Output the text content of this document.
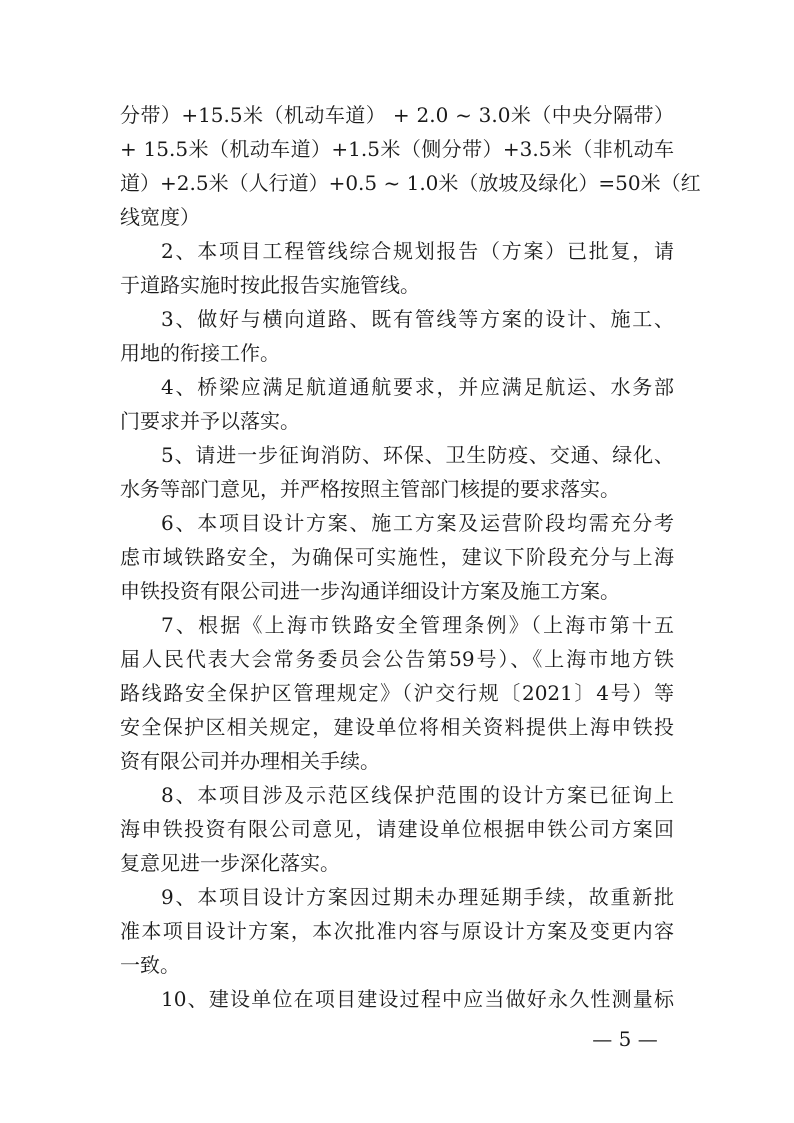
分带）+15.5米（机动车道） + 2.0 ~ 3.0米（中央分隔带）
+ 15.5米（机动车道）+1.5米（侧分带）+3.5米（非机动车
道）+2.5米（人行道）+0.5 ~ 1.0米（放坡及绿化）=50米（红
线宽度）
2、本项目工程管线综合规划报告（方案）已批复，请
于道路实施时按此报告实施管线。
3、做好与横向道路、既有管线等方案的设计、施工、
用地的衔接工作。
4、桥梁应满足航道通航要求，并应满足航运、水务部
门要求并予以落实。
5、请进一步征询消防、环保、卫生防疫、交通、绿化、
水务等部门意见，并严格按照主管部门核提的要求落实。
6、本项目设计方案、施工方案及运营阶段均需充分考
虑市域铁路安全，为确保可实施性，建议下阶段充分与上海
申铁投资有限公司进一步沟通详细设计方案及施工方案。
7、根据《上海市铁路安全管理条例》（上海市第十五
届人民代表大会常务委员会公告第59号）、《上海市地方铁
路线路安全保护区管理规定》（沪交行规〔2021〕4号）等
安全保护区相关规定，建设单位将相关资料提供上海申铁投
资有限公司并办理相关手续。
8、本项目涉及示范区线保护范围的设计方案已征询上
海申铁投资有限公司意见，请建设单位根据申铁公司方案回
复意见进一步深化落实。
9、本项目设计方案因过期未办理延期手续，故重新批
准本项目设计方案，本次批准内容与原设计方案及变更内容
一致。
10、建设单位在项目建设过程中应当做好永久性测量标
— 5 —
